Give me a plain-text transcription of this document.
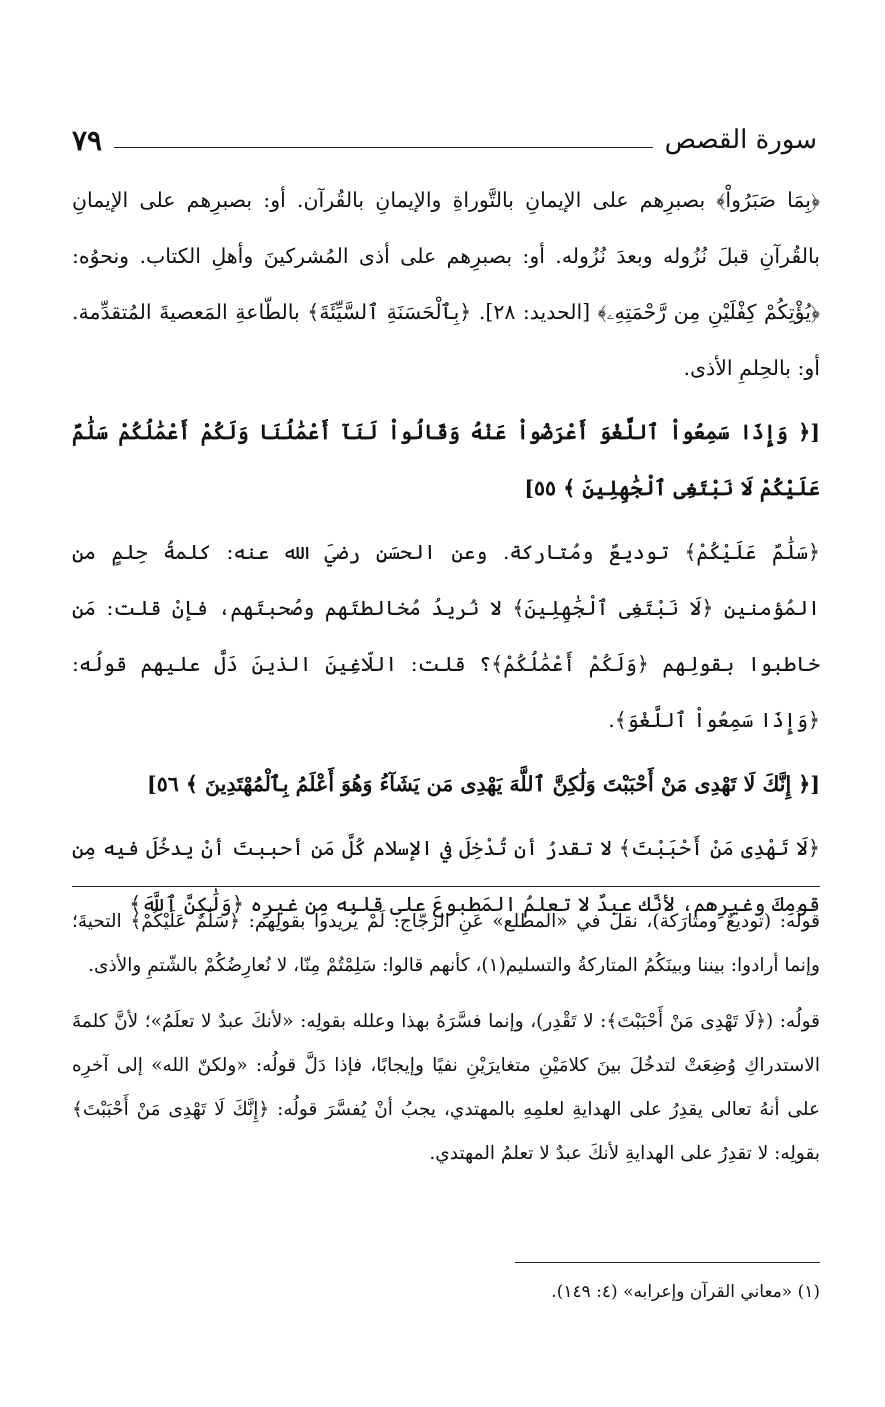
سورة القصص
٧٩

﴿بِمَا صَبَرُواْ﴾ بصبرِهم على الإيمانِ بالتَّوراةِ والإيمانِ بالقُرآن. أو: بصبرِهم على الإيمانِ بالقُرآنِ قبلَ نُزُوله وبعدَ نُزُوله. أو: بصبرِهم على أذى المُشركينَ وأهلِ الكتاب. ونحوُه: ﴿يُؤْتِكُمْ كِفْلَيْنِ مِن رَّحْمَتِهِۦ﴾ [الحديد: ٢٨]. ﴿بِٱلْحَسَنَةِ ٱلسَّيِّئَةَ﴾ بالطّاعةِ المَعصيةَ المُتقدِّمة. أو: بالحِلمِ الأذى.

[﴿ وَإِذَا سَمِعُواْ ٱللَّغْوَ أَعْرَضُواْ عَنْهُ وَقَالُواْ لَنَآ أَعْمَٰلُنَا وَلَكُمْ أَعْمَٰلُكُمْ سَلَٰمٌ عَلَيْكُمْ لَا نَبْتَغِى ٱلْجَٰهِلِينَ ﴾ ٥٥]

﴿سَلَٰمٌ عَلَيْكُمْ﴾ توديعٌ ومُتاركة. وعن الحسَنِ رضيَ الله عنه: كلمةُ حِلمٍ من المُؤمنين ﴿لَا نَبْتَغِى ٱلْجَٰهِلِينَ﴾ لا نُريدُ مُخالطتَهم وصُحبتَهم، فإنْ قلت: مَن خاطبوا بقولِهم ﴿وَلَكُمْ أَعْمَٰلُكُمْ﴾؟ قلت: اللّاغِينَ الذينَ دَلَّ عليهم قولُه: ﴿وَإِذَا سَمِعُواْ ٱللَّغْوَ﴾.

[﴿ إِنَّكَ لَا تَهْدِى مَنْ أَحْبَبْتَ وَلَٰكِنَّ ٱللَّهَ يَهْدِى مَن يَشَآءُ وَهُوَ أَعْلَمُ بِٱلْمُهْتَدِينَ ﴾ ٥٦]

﴿لَا تَهْدِى مَنْ أَحْبَبْتَ﴾ لا تقدرُ أن تُدْخِلَ في الإسلام كُلَّ مَن أحببتَ أنْ يدخُلَ فيه مِن قومِكَ وغيرِهم، لأنَّك عبدٌ لا تعلمُ المَطبوعَ على قلبِه مِن غيرِه ﴿وَلَٰكِنَّ ٱللَّهَ﴾

قولُه: (توديعٌ ومتارَكة)، نقلَ في «المطلع» عَنِ الزجّاج: لَمْ يريدوا بقولِهم: ﴿سَلَٰمٌ عَلَيْكُمْ﴾ التحيةَ؛ وإنما أرادوا: بيننا وبينَكُمُ المتاركةُ والتسليم(١)، كأنهم قالوا: سَلِمْتُمْ مِنّا، لا نُعارِضُكُمْ بالشّتمِ والأذى.

قولُه: (﴿لَا تَهْدِى مَنْ أَحْبَبْتَ﴾: لا تَقْدِر)، وإنما فسَّرَهُ بهذا وعلله بقولِه: «لأنكَ عبدٌ لا تعلَمُ»؛ لأنَّ كلمةَ الاستدراكِ وُضِعَتْ لتدخُلَ بينَ كلامَيْنِ متغايرَيْنِ نفيًا وإيجابًا، فإذا دَلَّ قولُه: «ولكنّ الله» إلى آخرِه على أنهُ تعالى يقدِرُ على الهدايةِ لعلمِهِ بالمهتدي، يجبُ أنْ يُفسَّرَ قولُه: ﴿إِنَّكَ لَا تَهْدِى مَنْ أَحْبَبْتَ﴾ بقولِه: لا تقدِرُ على الهدايةِ لأنكَ عبدٌ لا تعلمُ المهتدي.

(١) «معاني القرآن وإعرابه» (٤: ١٤٩).
